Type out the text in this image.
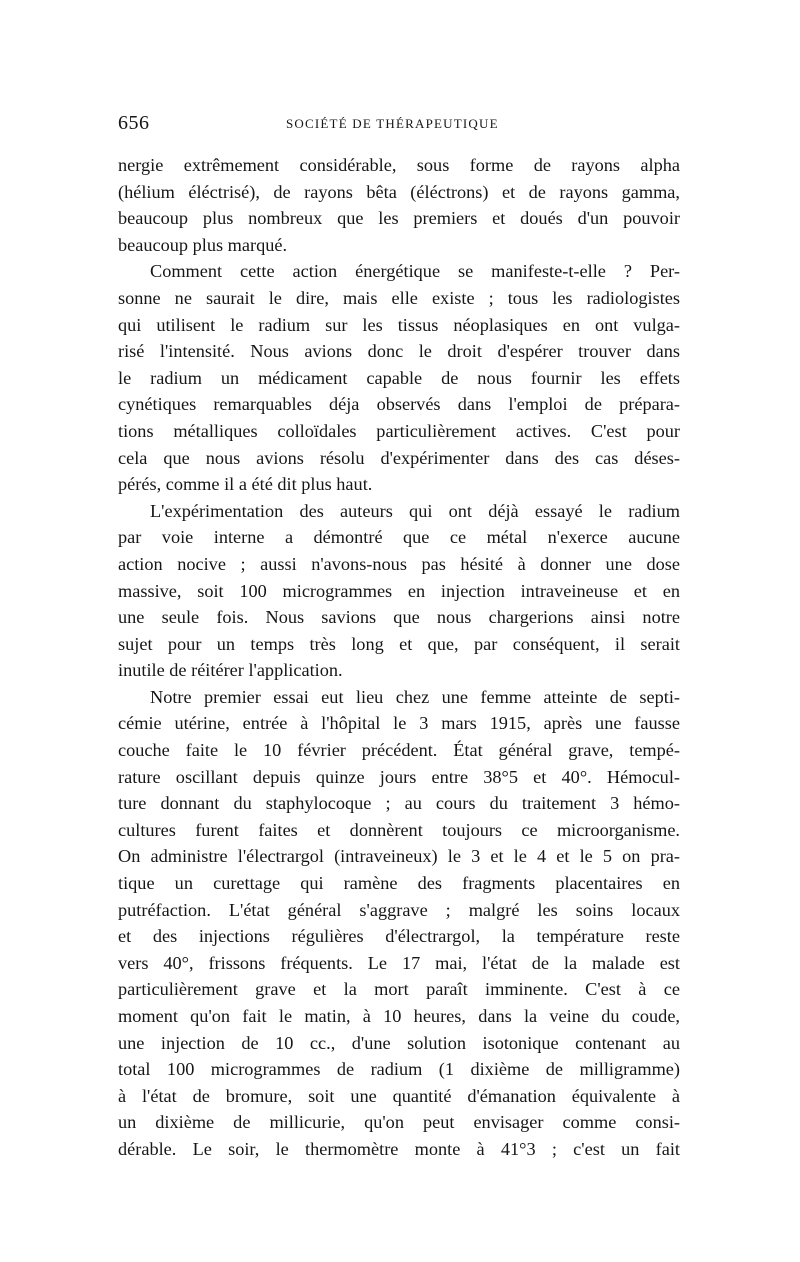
656	SOCIÉTÉ DE THÉRAPEUTIQUE
nergie extrêmement considérable, sous forme de rayons alpha
(hélium éléctrisé), de rayons bêta (éléctrons) et de rayons gamma,
beaucoup plus nombreux que les premiers et doués d'un pouvoir
beaucoup plus marqué.
Comment cette action énergétique se manifeste-t-elle ? Per-
sonne ne saurait le dire, mais elle existe ; tous les radiologistes
qui utilisent le radium sur les tissus néoplasiques en ont vulga-
risé l'intensité. Nous avions donc le droit d'espérer trouver dans
le radium un médicament capable de nous fournir les effets
cynétiques remarquables déja observés dans l'emploi de prépara-
tions métalliques colloïdales particulièrement actives. C'est pour
cela que nous avions résolu d'expérimenter dans des cas déses-
pérés, comme il a été dit plus haut.
L'expérimentation des auteurs qui ont déjà essayé le radium
par voie interne a démontré que ce métal n'exerce aucune
action nocive ; aussi n'avons-nous pas hésité à donner une dose
massive, soit 100 microgrammes en injection intraveineuse et en
une seule fois. Nous savions que nous chargerions ainsi notre
sujet pour un temps très long et que, par conséquent, il serait
inutile de réitérer l'application.
Notre premier essai eut lieu chez une femme atteinte de septi-
cémie utérine, entrée à l'hôpital le 3 mars 1915, après une fausse
couche faite le 10 février précédent. État général grave, tempé-
rature oscillant depuis quinze jours entre 38°5 et 40°. Hémocul-
ture donnant du staphylocoque ; au cours du traitement 3 hémo-
cultures furent faites et donnèrent toujours ce microorganisme.
On administre l'électrargol (intraveineux) le 3 et le 4 et le 5 on pra-
tique un curettage qui ramène des fragments placentaires en
putréfaction. L'état général s'aggrave ; malgré les soins locaux
et des injections régulières d'électrargol, la température reste
vers 40°, frissons fréquents. Le 17 mai, l'état de la malade est
particulièrement grave et la mort paraît imminente. C'est à ce
moment qu'on fait le matin, à 10 heures, dans la veine du coude,
une injection de 10 cc., d'une solution isotonique contenant au
total 100 microgrammes de radium (1 dixième de milligramme)
à l'état de bromure, soit une quantité d'émanation équivalente à
un dixième de millicurie, qu'on peut envisager comme consi-
dérable. Le soir, le thermomètre monte à 41°3 ; c'est un fait
